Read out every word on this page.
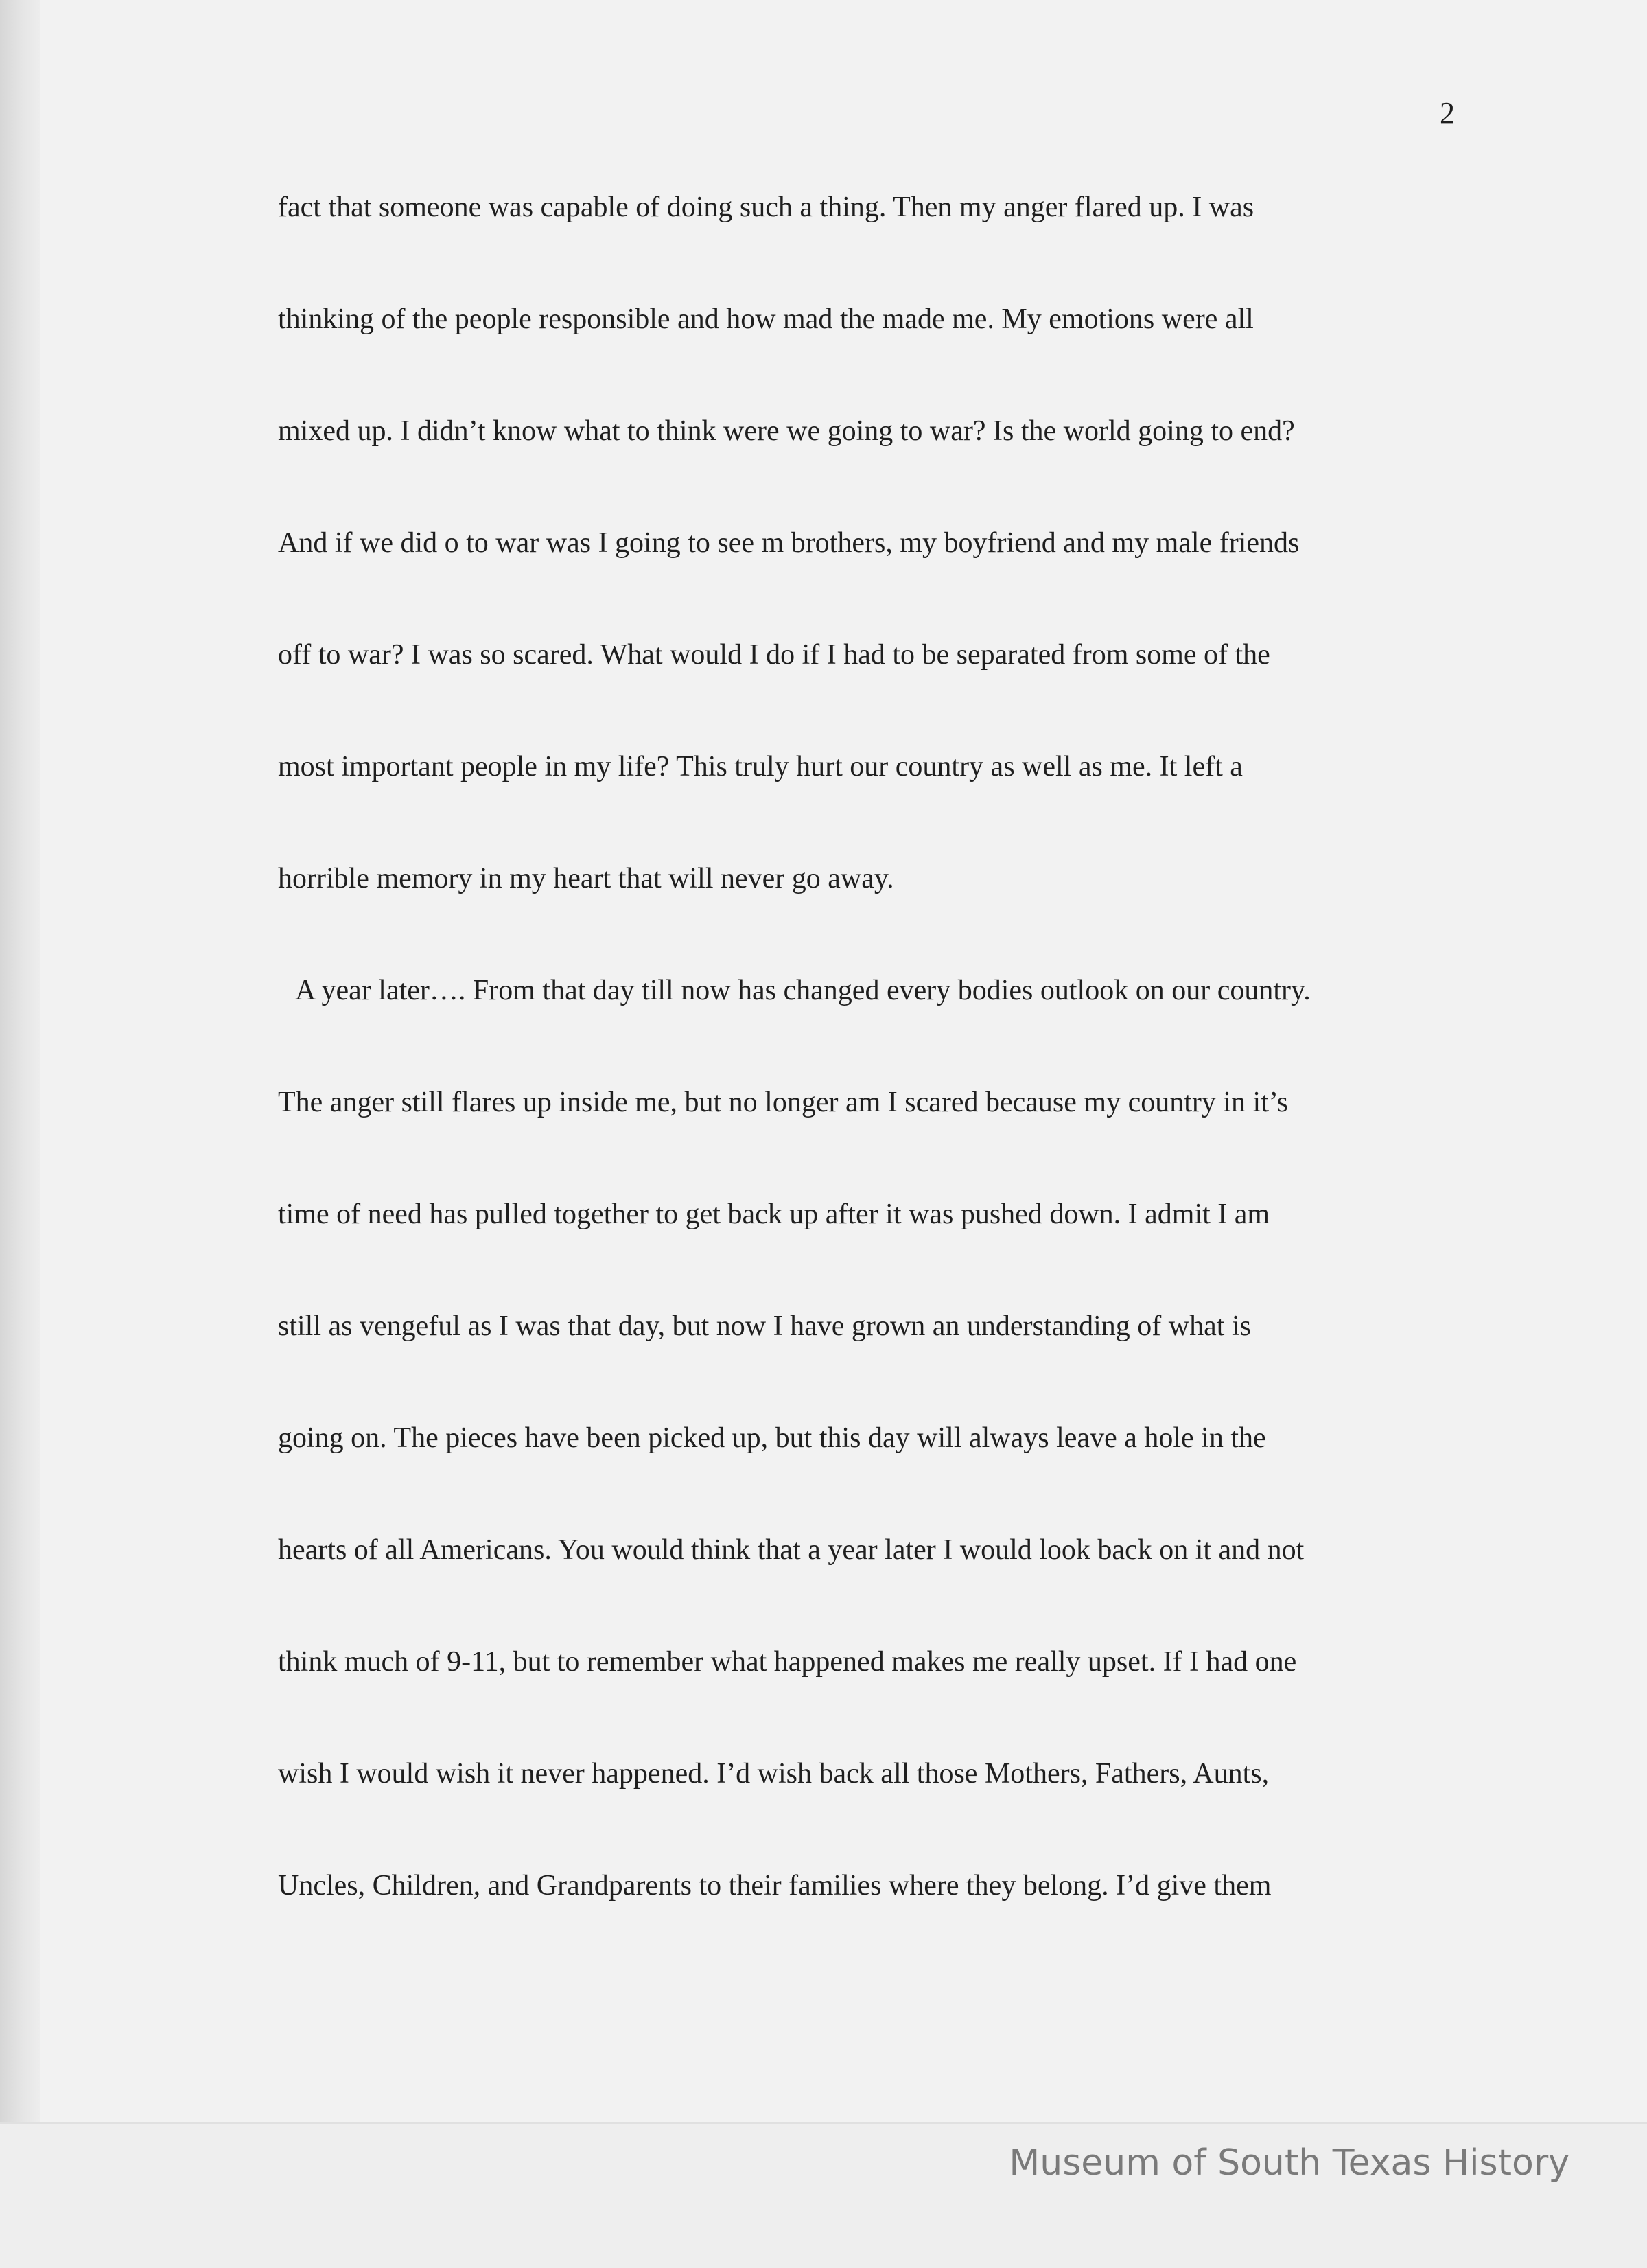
2
fact that someone was capable of doing such a thing. Then my anger flared up. I was
thinking of the people responsible and how mad the made me. My emotions were all
mixed up. I didn’t know what to think were we going to war? Is the world going to end?
And if we did o to war was I going to see m brothers, my boyfriend and my male friends
off to war? I was so scared. What would I do if I had to be separated from some of the
most important people in my life? This truly hurt our country as well as me. It left a
horrible memory in my heart that will never go away.
A year later…. From that day till now has changed every bodies outlook on our country.
The anger still flares up inside me, but no longer am I scared because my country in it’s
time of need has pulled together to get back up after it was pushed down. I admit I am
still as vengeful as I was that day, but now I have grown an understanding of what is
going on. The pieces have been picked up, but this day will always leave a hole in the
hearts of all Americans. You would think that a year later I would look back on it and not
think much of 9-11, but to remember what happened makes me really upset. If I had one
wish I would wish it never happened. I’d wish back all those Mothers, Fathers, Aunts,
Uncles, Children, and Grandparents to their families where they belong. I’d give them
Museum of South Texas History
